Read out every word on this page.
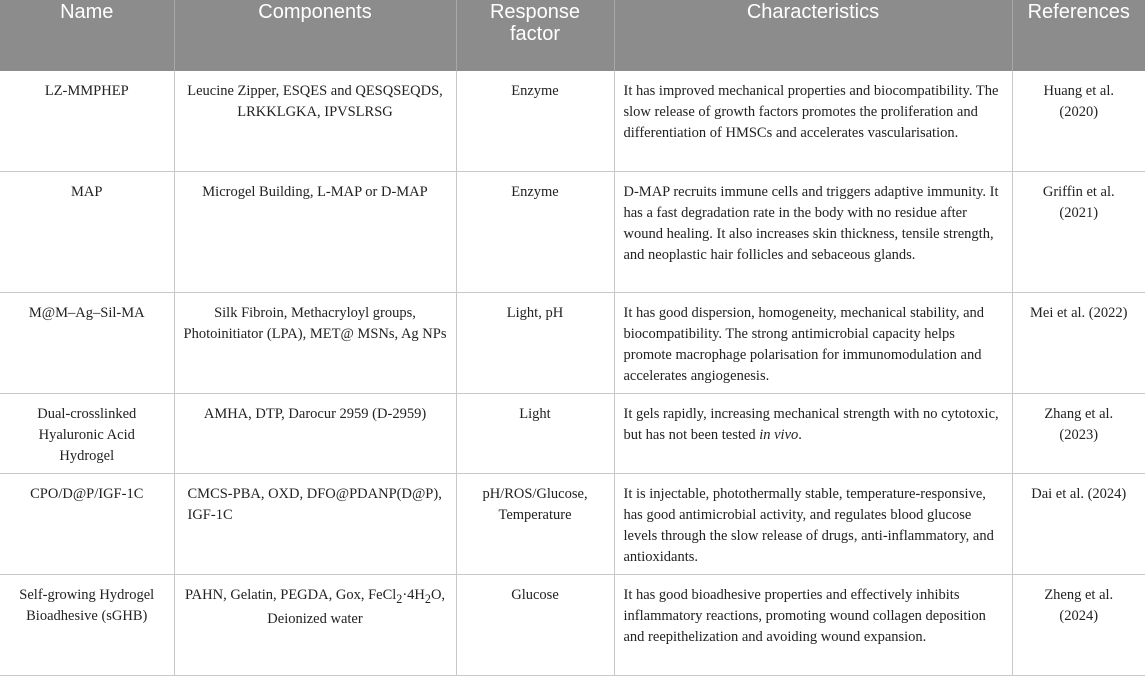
Name	Components	Response factor	Characteristics	References
LZ-MMPHEP	Leucine Zipper, ESQES and QESQSEQDS, LRKKLGKA, IPVSLRSG	Enzyme	It has improved mechanical properties and biocompatibility. The slow release of growth factors promotes the proliferation and differentiation of HMSCs and accelerates vascularisation.	Huang et al. (2020)
MAP	Microgel Building, L-MAP or D-MAP	Enzyme	D-MAP recruits immune cells and triggers adaptive immunity. It has a fast degradation rate in the body with no residue after wound healing. It also increases skin thickness, tensile strength, and neoplastic hair follicles and sebaceous glands.	Griffin et al. (2021)
M@M–Ag–Sil-MA	Silk Fibroin, Methacryloyl groups, Photoinitiator (LPA), MET@ MSNs, Ag NPs	Light, pH	It has good dispersion, homogeneity, mechanical stability, and biocompatibility. The strong antimicrobial capacity helps promote macrophage polarisation for immunomodulation and accelerates angiogenesis.	Mei et al. (2022)
Dual-crosslinked Hyaluronic Acid Hydrogel	AMHA, DTP, Darocur 2959 (D-2959)	Light	It gels rapidly, increasing mechanical strength with no cytotoxic, but has not been tested in vivo.	Zhang et al. (2023)
CPO/D@P/IGF-1C	CMCS-PBA, OXD, DFO@PDANP(D@P), IGF-1C	pH/ROS/Glucose, Temperature	It is injectable, photothermally stable, temperature-responsive, has good antimicrobial activity, and regulates blood glucose levels through the slow release of drugs, anti-inflammatory, and antioxidants.	Dai et al. (2024)
Self-growing Hydrogel Bioadhesive (sGHB)	PAHN, Gelatin, PEGDA, Gox, $FeCl_2\cdot 4H_2O$, Deionized water	Glucose	It has good bioadhesive properties and effectively inhibits inflammatory reactions, promoting wound collagen deposition and reepithelization and avoiding wound expansion.	Zheng et al. (2024)
